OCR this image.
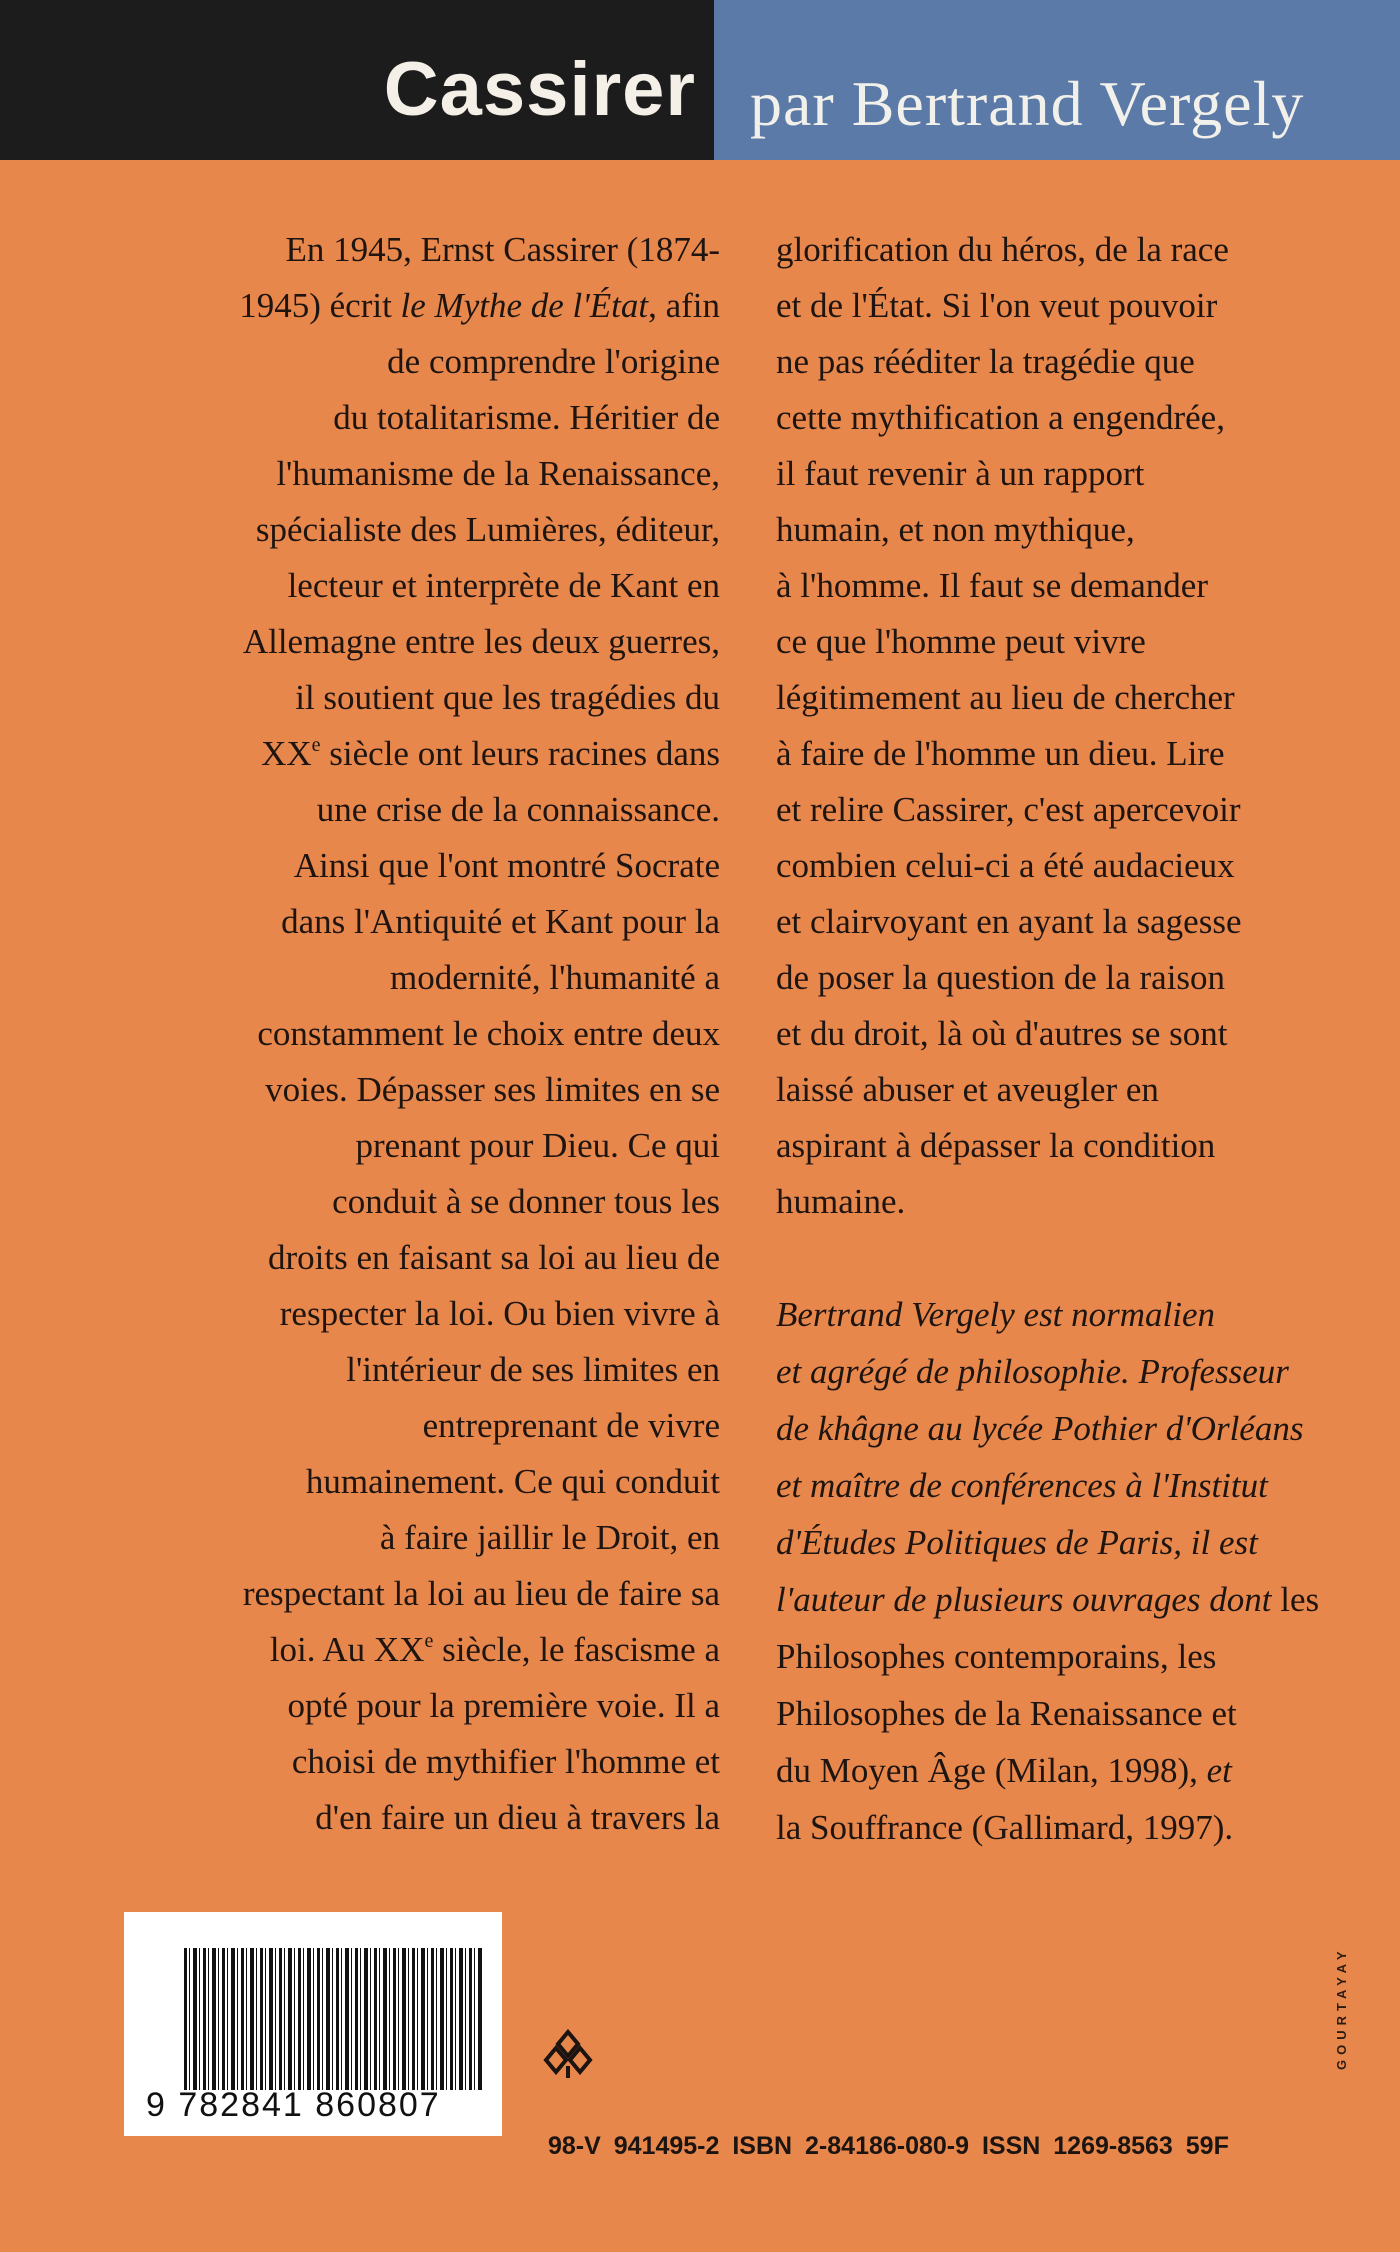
Cassirer par Bertrand Vergely
En 1945, Ernst Cassirer (1874-
1945) écrit le Mythe de l'État, afin
de comprendre l'origine
du totalitarisme. Héritier de
l'humanisme de la Renaissance,
spécialiste des Lumières, éditeur,
lecteur et interprète de Kant en
Allemagne entre les deux guerres,
il soutient que les tragédies du
XXe siècle ont leurs racines dans
une crise de la connaissance.
Ainsi que l'ont montré Socrate
dans l'Antiquité et Kant pour la
modernité, l'humanité a
constamment le choix entre deux
voies. Dépasser ses limites en se
prenant pour Dieu. Ce qui
conduit à se donner tous les
droits en faisant sa loi au lieu de
respecter la loi. Ou bien vivre à
l'intérieur de ses limites en
entreprenant de vivre
humainement. Ce qui conduit
à faire jaillir le Droit, en
respectant la loi au lieu de faire sa
loi. Au XXe siècle, le fascisme a
opté pour la première voie. Il a
choisi de mythifier l'homme et
d'en faire un dieu à travers la
glorification du héros, de la race
et de l'État. Si l'on veut pouvoir
ne pas rééditer la tragédie que
cette mythification a engendrée,
il faut revenir à un rapport
humain, et non mythique,
à l'homme. Il faut se demander
ce que l'homme peut vivre
légitimement au lieu de chercher
à faire de l'homme un dieu. Lire
et relire Cassirer, c'est apercevoir
combien celui-ci a été audacieux
et clairvoyant en ayant la sagesse
de poser la question de la raison
et du droit, là où d'autres se sont
laissé abuser et aveugler en
aspirant à dépasser la condition
humaine.
Bertrand Vergely est normalien
et agrégé de philosophie. Professeur
de khâgne au lycée Pothier d'Orléans
et maître de conférences à l'Institut
d'Études Politiques de Paris, il est
l'auteur de plusieurs ouvrages dont les
Philosophes contemporains, les
Philosophes de la Renaissance et
du Moyen Âge (Milan, 1998), et
la Souffrance (Gallimard, 1997).
9 782841 860807
98-V 941495-2 ISBN 2-84186-080-9 ISSN 1269-8563 59F
GOURTAYAY
